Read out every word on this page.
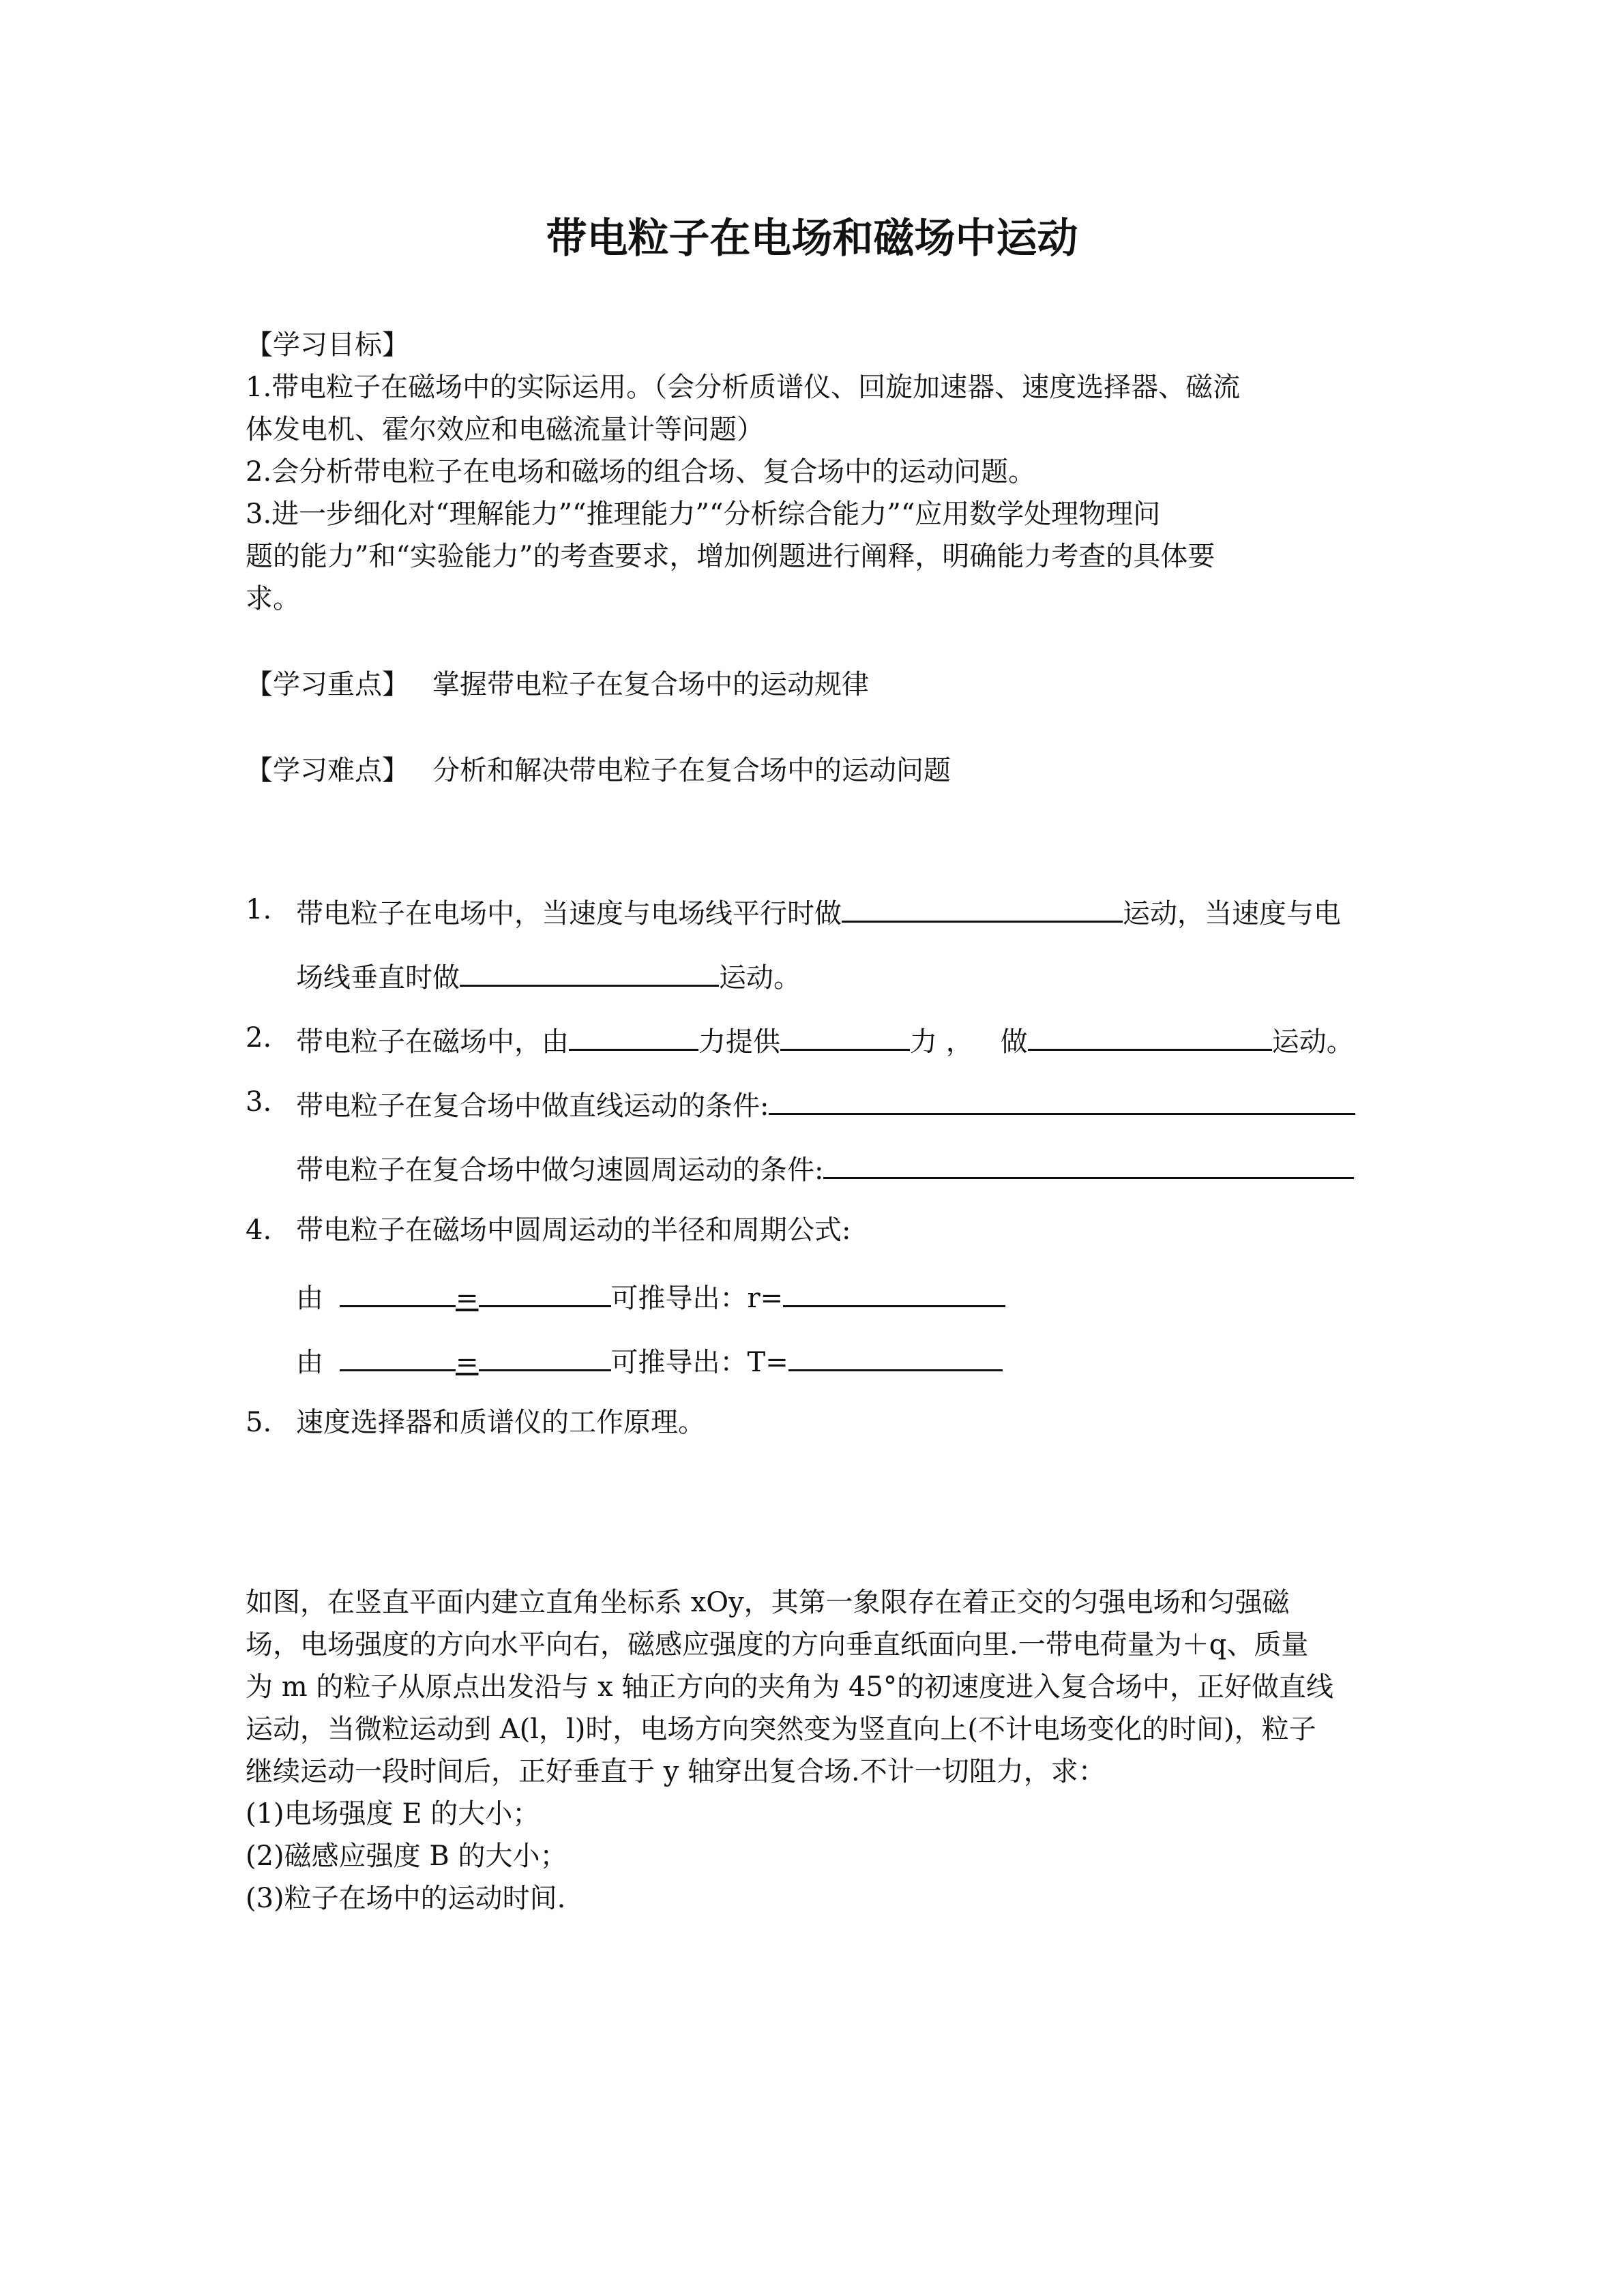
带电粒子在电场和磁场中运动
【学习目标】
1.带电粒子在磁场中的实际运用。（会分析质谱仪、回旋加速器、速度选择器、磁流
体发电机、霍尔效应和电磁流量计等问题）
2.会分析带电粒子在电场和磁场的组合场、复合场中的运动问题。
3.进一步细化对“理解能力”“推理能力”“分析综合能力”“应用数学处理物理问
题的能力”和“实验能力”的考查要求，增加例题进行阐释，明确能力考查的具体要
求。
【学习重点】 掌握带电粒子在复合场中的运动规律
【学习难点】 分析和解决带电粒子在复合场中的运动问题
1. 带电粒子在电场中，当速度与电场线平行时做	运动，当速度与电
场线垂直时做	运动。
2. 带电粒子在磁场中，由	力提供	力 ， 做	运动。
3. 带电粒子在复合场中做直线运动的条件:
带电粒子在复合场中做匀速圆周运动的条件:
4. 带电粒子在磁场中圆周运动的半径和周期公式:
由	=	可推导出：r=
由	=	可推导出：T=
5. 速度选择器和质谱仪的工作原理。
如图，在竖直平面内建立直角坐标系 xOy，其第一象限存在着正交的匀强电场和匀强磁
场，电场强度的方向水平向右，磁感应强度的方向垂直纸面向里.一带电荷量为＋q、质量
为 m 的粒子从原点出发沿与 x 轴正方向的夹角为 45°的初速度进入复合场中，正好做直线
运动，当微粒运动到 A(l，l)时，电场方向突然变为竖直向上(不计电场变化的时间)，粒子
继续运动一段时间后，正好垂直于 y 轴穿出复合场.不计一切阻力，求：
(1)电场强度 E 的大小；
(2)磁感应强度 B 的大小；
(3)粒子在场中的运动时间.
